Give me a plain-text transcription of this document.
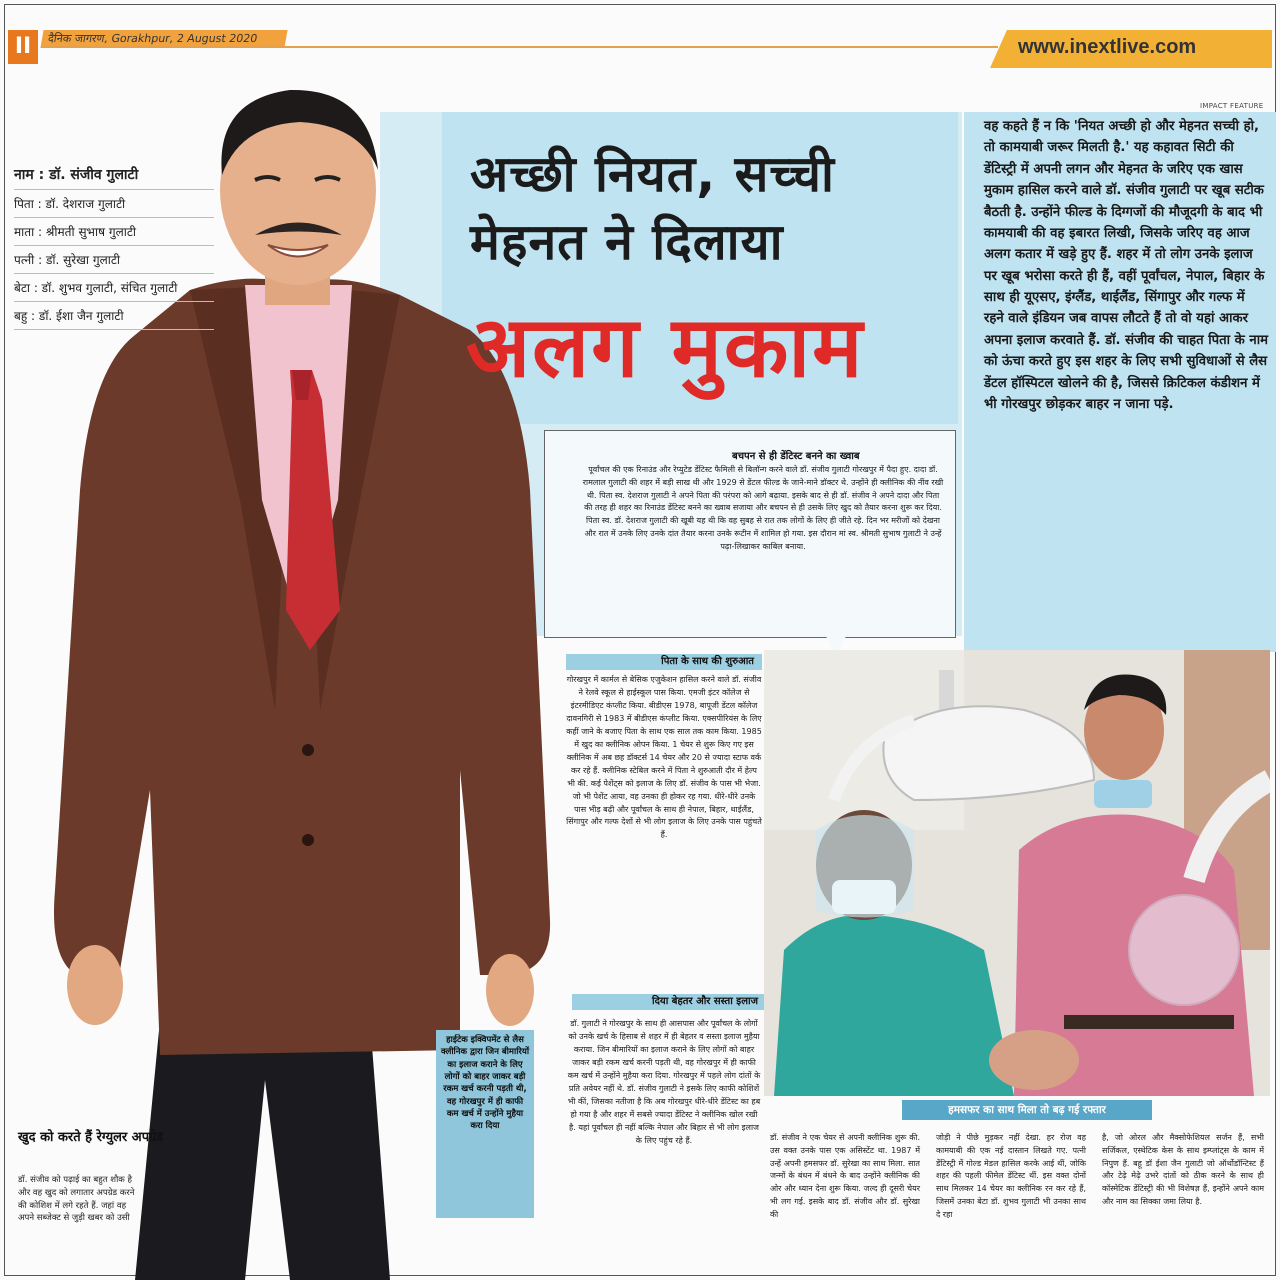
II	दैनिक जागरण, Gorakhpur, 2 August 2020	www.inextlive.com
IMPACT FEATURE
नाम : डॉ. संजीव गुलाटी
पिता : डॉ. देशराज गुलाटी
माता : श्रीमती सुभाष गुलाटी
पत्नी : डॉ. सुरेखा गुलाटी
बेटा : डॉ. शुभव गुलाटी, संचित गुलाटी
बहु : डॉ. ईशा जैन गुलाटी
अच्छी नियत, सच्ची
मेहनत ने दिलाया
अलग मुकाम
वह कहते हैं न कि 'नियत अच्छी हो और मेहनत सच्ची हो, तो कामयाबी जरूर मिलती है.' यह कहावत सिटी की डेंटिस्ट्री में अपनी लगन और मेहनत के जरिए एक खास मुकाम हासिल करने वाले डॉ. संजीव गुलाटी पर खूब सटीक बैठती है. उन्होंने फील्ड के दिग्गजों की मौजूदगी के बाद भी कामयाबी की वह इबारत लिखी, जिसके जरिए वह आज अलग कतार में खड़े हुए हैं. शहर में तो लोग उनके इलाज पर खूब भरोसा करते ही हैं, वहीं पूर्वांचल, नेपाल, बिहार के साथ ही यूएसए, इंग्लैंड, थाईलैंड, सिंगापुर और गल्फ में रहने वाले इंडियन जब वापस लौटते हैं तो वो यहां आकर अपना इलाज करवाते हैं. डॉ. संजीव की चाहत पिता के नाम को ऊंचा करते हुए इस शहर के लिए सभी सुविधाओं से लैस डेंटल हॉस्पिटल खोलने की है, जिससे क्रिटिकल कंडीशन में भी गोरखपुर छोड़कर बाहर न जाना पड़े.
बचपन से ही डेंटिस्ट बनने का ख्वाब
पूर्वांचल की एक रिनाउंड और रेप्युटेड डेंटिस्ट फैमिली से बिलॉन्ग करने वाले डॉ. संजीव गुलाटी गोरखपुर में पैदा हुए. दादा डॉ. रामलाल गुलाटी की शहर में बड़ी साख थी और 1929 से डेंटल फील्ड के जाने-माने डॉक्टर थे. उन्होंने ही क्लीनिक की नींव रखी थी. पिता स्व. देशराज गुलाटी ने अपने पिता की परंपरा को आगे बढ़ाया. इसके बाद से ही डॉ. संजीव ने अपने दादा और पिता की तरह ही शहर का रिनाउंड डेंटिस्ट बनने का ख्वाब सजाया और बचपन से ही उसके लिए खुद को तैयार करना शुरू कर दिया. पिता स्व. डॉ. देशराज गुलाटी की खूबी यह थी कि वह सुबह से रात तक लोगों के लिए ही जीते रहे. दिन भर मरीजों को देखना और रात में उनके लिए उनके दांत तैयार करना उनके रूटीन में शामिल हो गया. इस दौरान मां स्व. श्रीमती सुभाष गुलाटी ने उन्हें पढ़ा-लिखाकर काबिल बनाया.
पिता के साथ की शुरुआत
गोरखपुर में कार्मल से बेसिक एजुकेशन हासिल करने वाले डॉ. संजीव ने रेलवे स्कूल से हाईस्कूल पास किया. एमजी इंटर कॉलेज से इंटरमीडिएट कंप्लीट किया. बीडीएस 1978, बापूजी डेंटल कॉलेज दावनगिरी से 1983 में बीडीएस कंप्लीट किया. एक्सपीरियंस के लिए कहीं जाने के बजाए पिता के साथ एक साल तक काम किया. 1985 में खुद का क्लीनिक ओपन किया. 1 चेयर से शुरू किए गए इस क्लीनिक में अब छह डॉक्टर्स 14 चेयर और 20 से ज्यादा स्टाफ वर्क कर रहे हैं. क्लीनिक स्टेबिल करने में पिता ने शुरुआती दौर में हेल्प भी की. कई पेशेंट्स को इलाज के लिए डॉ. संजीव के पास भी भेजा. जो भी पेशेंट आया, वह उनका ही होकर रह गया. धीरे-धीरे उनके पास भीड़ बढ़ी और पूर्वांचल के साथ ही नेपाल, बिहार, थाईलैंड, सिंगापुर और गल्फ देशों से भी लोग इलाज के लिए उनके पास पहुंचते हैं.
दिया बेहतर और सस्ता इलाज
डॉ. गुलाटी ने गोरखपुर के साथ ही आसपास और पूर्वांचल के लोगों को उनके खर्च के हिसाब से शहर में ही बेहतर व सस्ता इलाज मुहैया कराया. जिन बीमारियों का इलाज कराने के लिए लोगों को बाहर जाकर बड़ी रकम खर्च करनी पड़ती थी, वह गोरखपुर में ही काफी कम खर्च में उन्होंने मुहैया करा दिया. गोरखपुर में पहले लोग दांतों के प्रति अवेयर नहीं थे. डॉ. संजीव गुलाटी ने इसके लिए काफी कोशिशें भी कीं, जिसका नतीजा है कि अब गोरखपुर धीरे-धीरे डेंटिस्ट का हब हो गया है और शहर में सबसे ज्यादा डेंटिस्ट ने क्लीनिक खोल रखी है. यहां पूर्वांचल ही नहीं बल्कि नेपाल और बिहार से भी लोग इलाज के लिए पहुंच रहे हैं.
हाईटेक इक्विपमेंट से लैस क्लीनिक द्वारा जिन बीमारियों का इलाज कराने के लिए लोगों को बाहर जाकर बड़ी रकम खर्च करनी पड़ती थी, वह गोरखपुर में ही काफी कम खर्च में उन्होंने मुहैया करा दिया
खुद को करते हैं रेग्युलर अपग्रेड
डॉ. संजीव को पढ़ाई का बहुत शौक है और वह खुद को लगातार अपग्रेड करने की कोशिश में लगे रहते हैं. जहां वह अपने सब्जेक्ट से जुड़ी खबर को उसी
हमसफर का साथ मिला तो बढ़ गई रफ्तार
डॉ. संजीव ने एक चेयर से अपनी क्लीनिक शुरू की. उस वक्त उनके पास एक असिस्टेंट था. 1987 में उन्हें अपनी हमसफर डॉ. सुरेखा का साथ मिला. सात जन्मों के बंधन में बंधने के बाद उन्होंने क्लीनिक की ओर और ध्यान देना शुरू किया. जल्द ही दूसरी चेयर भी लग गई. इसके बाद डॉ. संजीव और डॉ. सुरेखा की
जोड़ी ने पीछे मुड़कर नहीं देखा. हर रोज वह कामयाबी की एक नई दास्तान लिखते गए. पत्नी डेंटिस्ट्री में गोल्ड मेडल हासिल करके आई थीं, जोकि शहर की पहली फीमेल डेंटिस्ट थीं. इस वक्त दोनों साथ मिलकर 14 चेयर का क्लीनिक रन कर रहे हैं, जिसमें उनका बेटा डॉ. शुभव गुलाटी भी उनका साथ दे रहा
है, जो ओरल और मैक्सोफेशियल सर्जन हैं, सभी सर्जिकल, एस्थेटिक केस के साथ इम्प्लांट्स के काम में निपुण हैं. बहू डॉ ईशा जैन गुलाटी जो ऑर्थोडॉन्टिस्ट हैं और टेढ़े मेढ़े उभरे दांतों को ठीक करने के साथ ही कॉस्मेटिक डेंटिस्ट्री की भी विशेषज्ञ हैं, इन्होंने अपने काम और नाम का सिक्का जमा लिया है.
